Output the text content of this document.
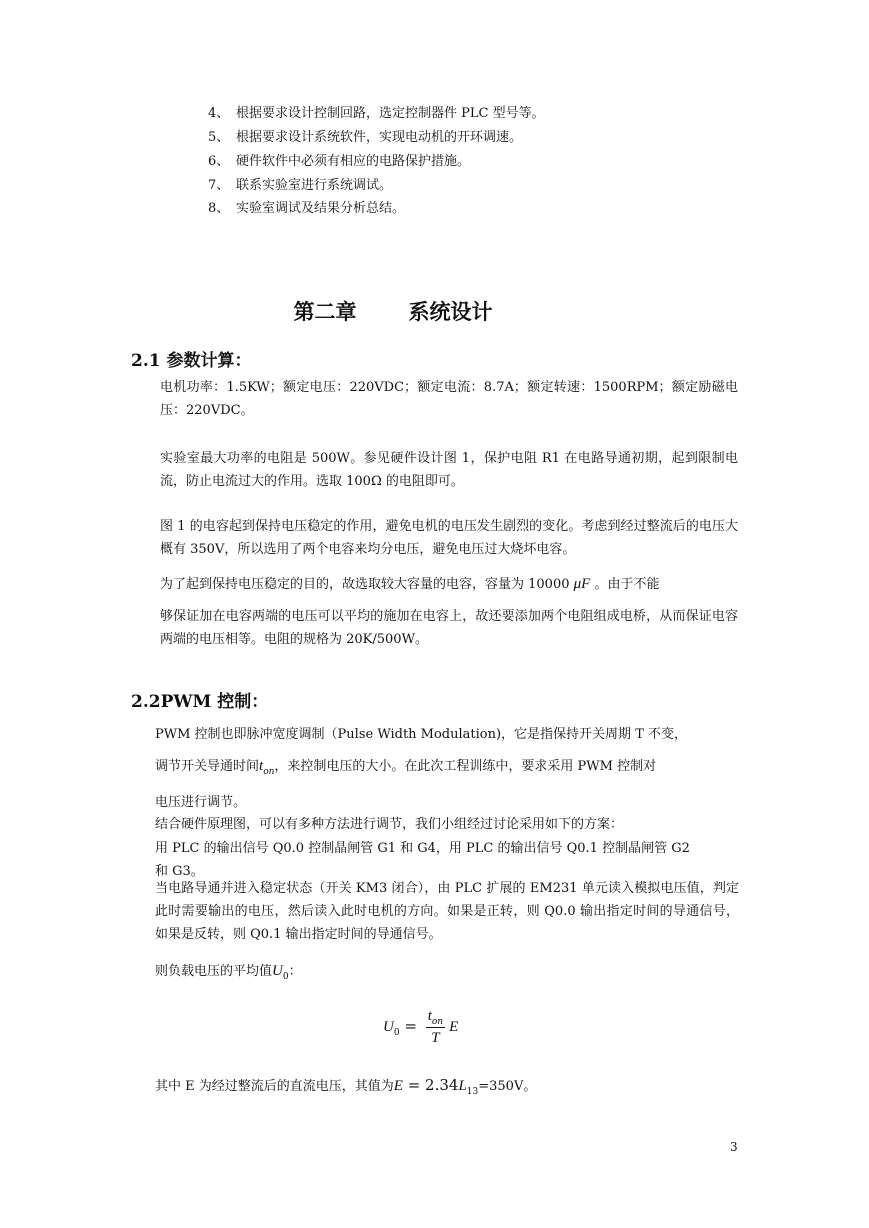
4、 根据要求设计控制回路，选定控制器件 PLC 型号等。
5、 根据要求设计系统软件，实现电动机的开环调速。
6、 硬件软件中必须有相应的电路保护措施。
7、 联系实验室进行系统调试。
8、 实验室调试及结果分析总结。
第二章 系统设计
2.1 参数计算：
电机功率：1.5KW；额定电压：220VDC；额定电流：8.7A；额定转速：1500RPM；额定励磁电压：220VDC。
实验室最大功率的电阻是 500W。参见硬件设计图 1，保护电阻 R1 在电路导通初期，起到限制电流，防止电流过大的作用。选取 100Ω 的电阻即可。
图 1 的电容起到保持电压稳定的作用，避免电机的电压发生剧烈的变化。考虑到经过整流后的电压大概有 350V，所以选用了两个电容来均分电压，避免电压过大烧坏电容。
为了起到保持电压稳定的目的，故选取较大容量的电容，容量为 10000 μF 。由于不能
够保证加在电容两端的电压可以平均的施加在电容上，故还要添加两个电阻组成电桥，从而保证电容两端的电压相等。电阻的规格为 20K/500W。
2.2PWM 控制：
PWM 控制也即脉冲宽度调制（Pulse Width Modulation)，它是指保持开关周期 T 不变，
调节开关导通时间$t_{on}$，来控制电压的大小。在此次工程训练中，要求采用 PWM 控制对
电压进行调节。
结合硬件原理图，可以有多种方法进行调节，我们小组经过讨论采用如下的方案：
用 PLC 的输出信号 Q0.0 控制晶闸管 G1 和 G4，用 PLC 的输出信号 Q0.1 控制晶闸管 G2
和 G3。
当电路导通并进入稳定状态（开关 KM3 闭合），由 PLC 扩展的 EM231 单元读入模拟电压值，判定此时需要输出的电压，然后读入此时电机的方向。如果是正转，则 Q0.0 输出指定时间的导通信号，如果是反转，则 Q0.1 输出指定时间的导通信号。
则负载电压的平均值$U_0$：
$U_0 = \frac{t_{on}}{T}$ E
其中 E 为经过整流后的直流电压，其值为$E = 2.34L_{13}=350V$。
3
